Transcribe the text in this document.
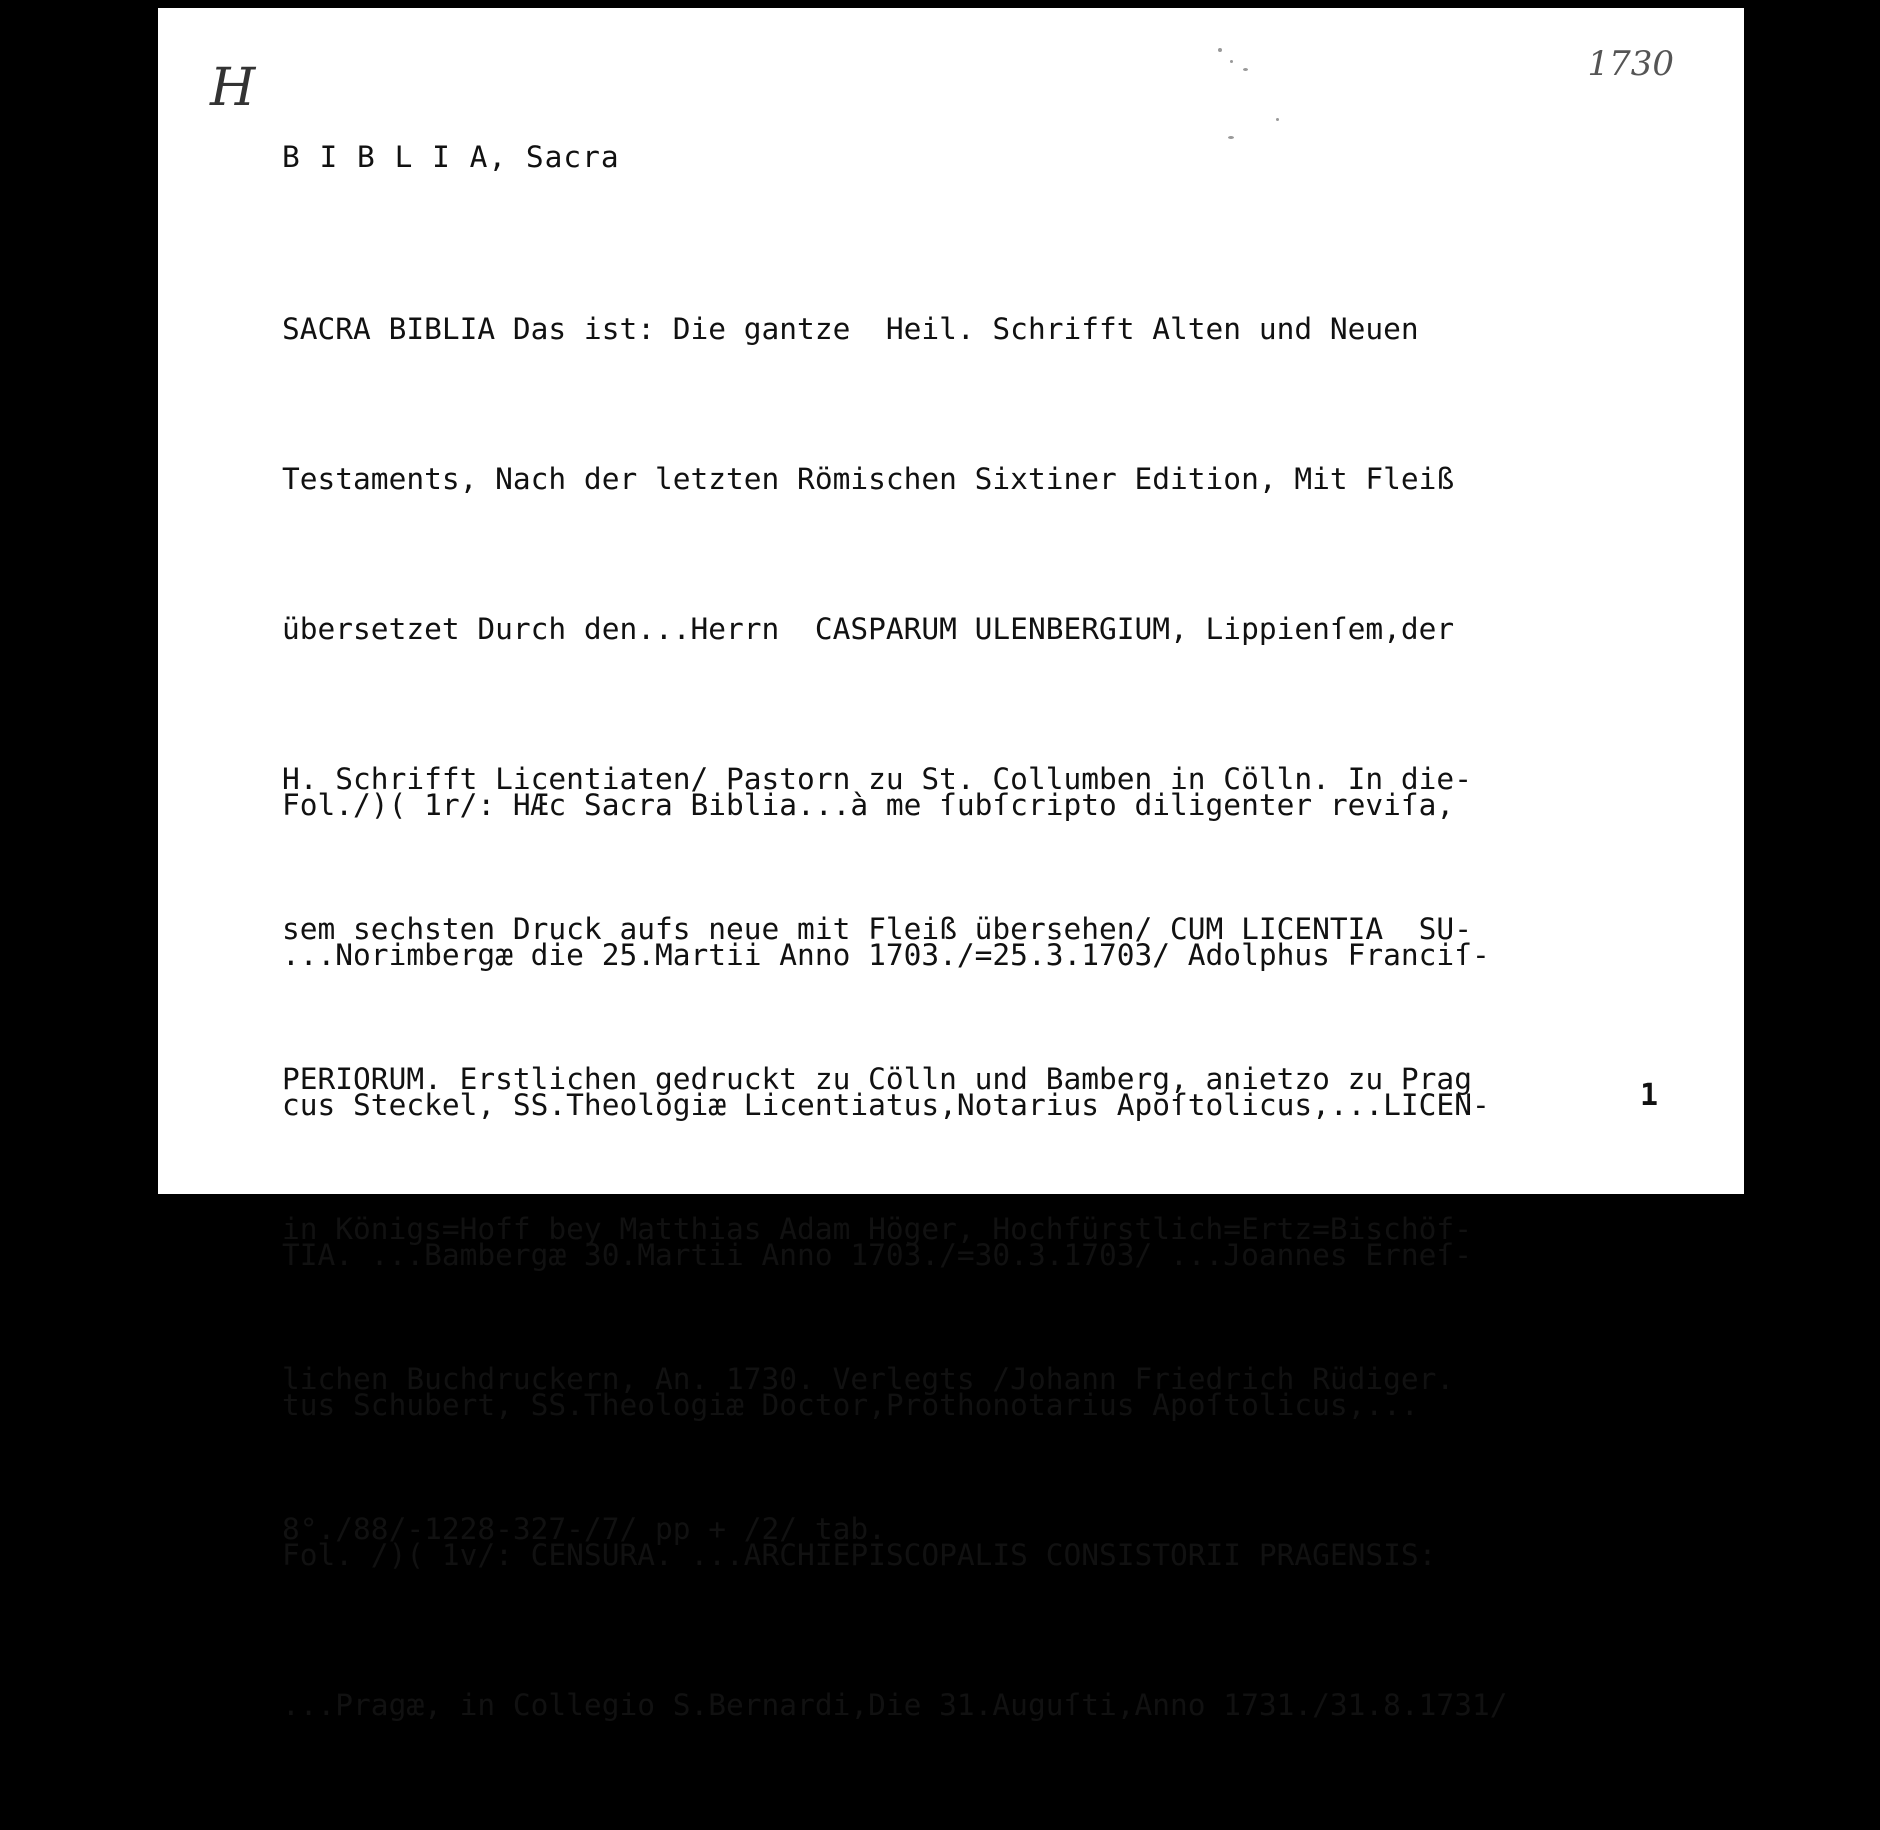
H	1730
B I B L I A, Sacra

SACRA BIBLIA Das ist: Die gantze  Heil. Schrifft Alten und Neuen

Testaments, Nach der letzten Römischen Sixtiner Edition, Mit Fleiß

übersetzet Durch den...Herrn  CASPARUM ULENBERGIUM, Lippienſem,der

H. Schrifft Licentiaten/ Pastorn zu St. Collumben in Cölln. In die-

sem sechsten Druck aufs neue mit Fleiß übersehen/ CUM LICENTIA  SU-

PERIORUM. Erstlichen gedruckt zu Cölln und Bamberg, anietzo zu Prag

in Königs=Hoff bey Matthias Adam Höger, Hochfürstlich=Ertz=Bischöf-

lichen Buchdruckern, An. 1730. Verlegts /Johann Friedrich Rüdiger.

8°./88/-1228-327-/7/ pp + /2/ tab.

Fol./)( 1r/: HÆc Sacra Biblia...à me ſubſcripto diligenter reviſa,

...Norimbergæ die 25.Martii Anno 1703./=25.3.1703/ Adolphus Franciſ-

cus Steckel, SS.Theologiæ Licentiatus,Notarius Apoſtolicus,...LICEN-

TIA. ...Bambergæ 30.Martii Anno 1703./=30.3.1703/ ...Joannes Erneſ-

tus Schubert, SS.Theologiæ Doctor,Prothonotarius Apoſtolicus,...

Fol. /)( 1v/: CENSURA. ...ARCHIEPISCOPALIS CONSISTORII PRAGENSIS:

...Pragæ, in Collegio S.Bernardi,Die 31.Auguſti,Anno 1731./31.8.1731/

1
